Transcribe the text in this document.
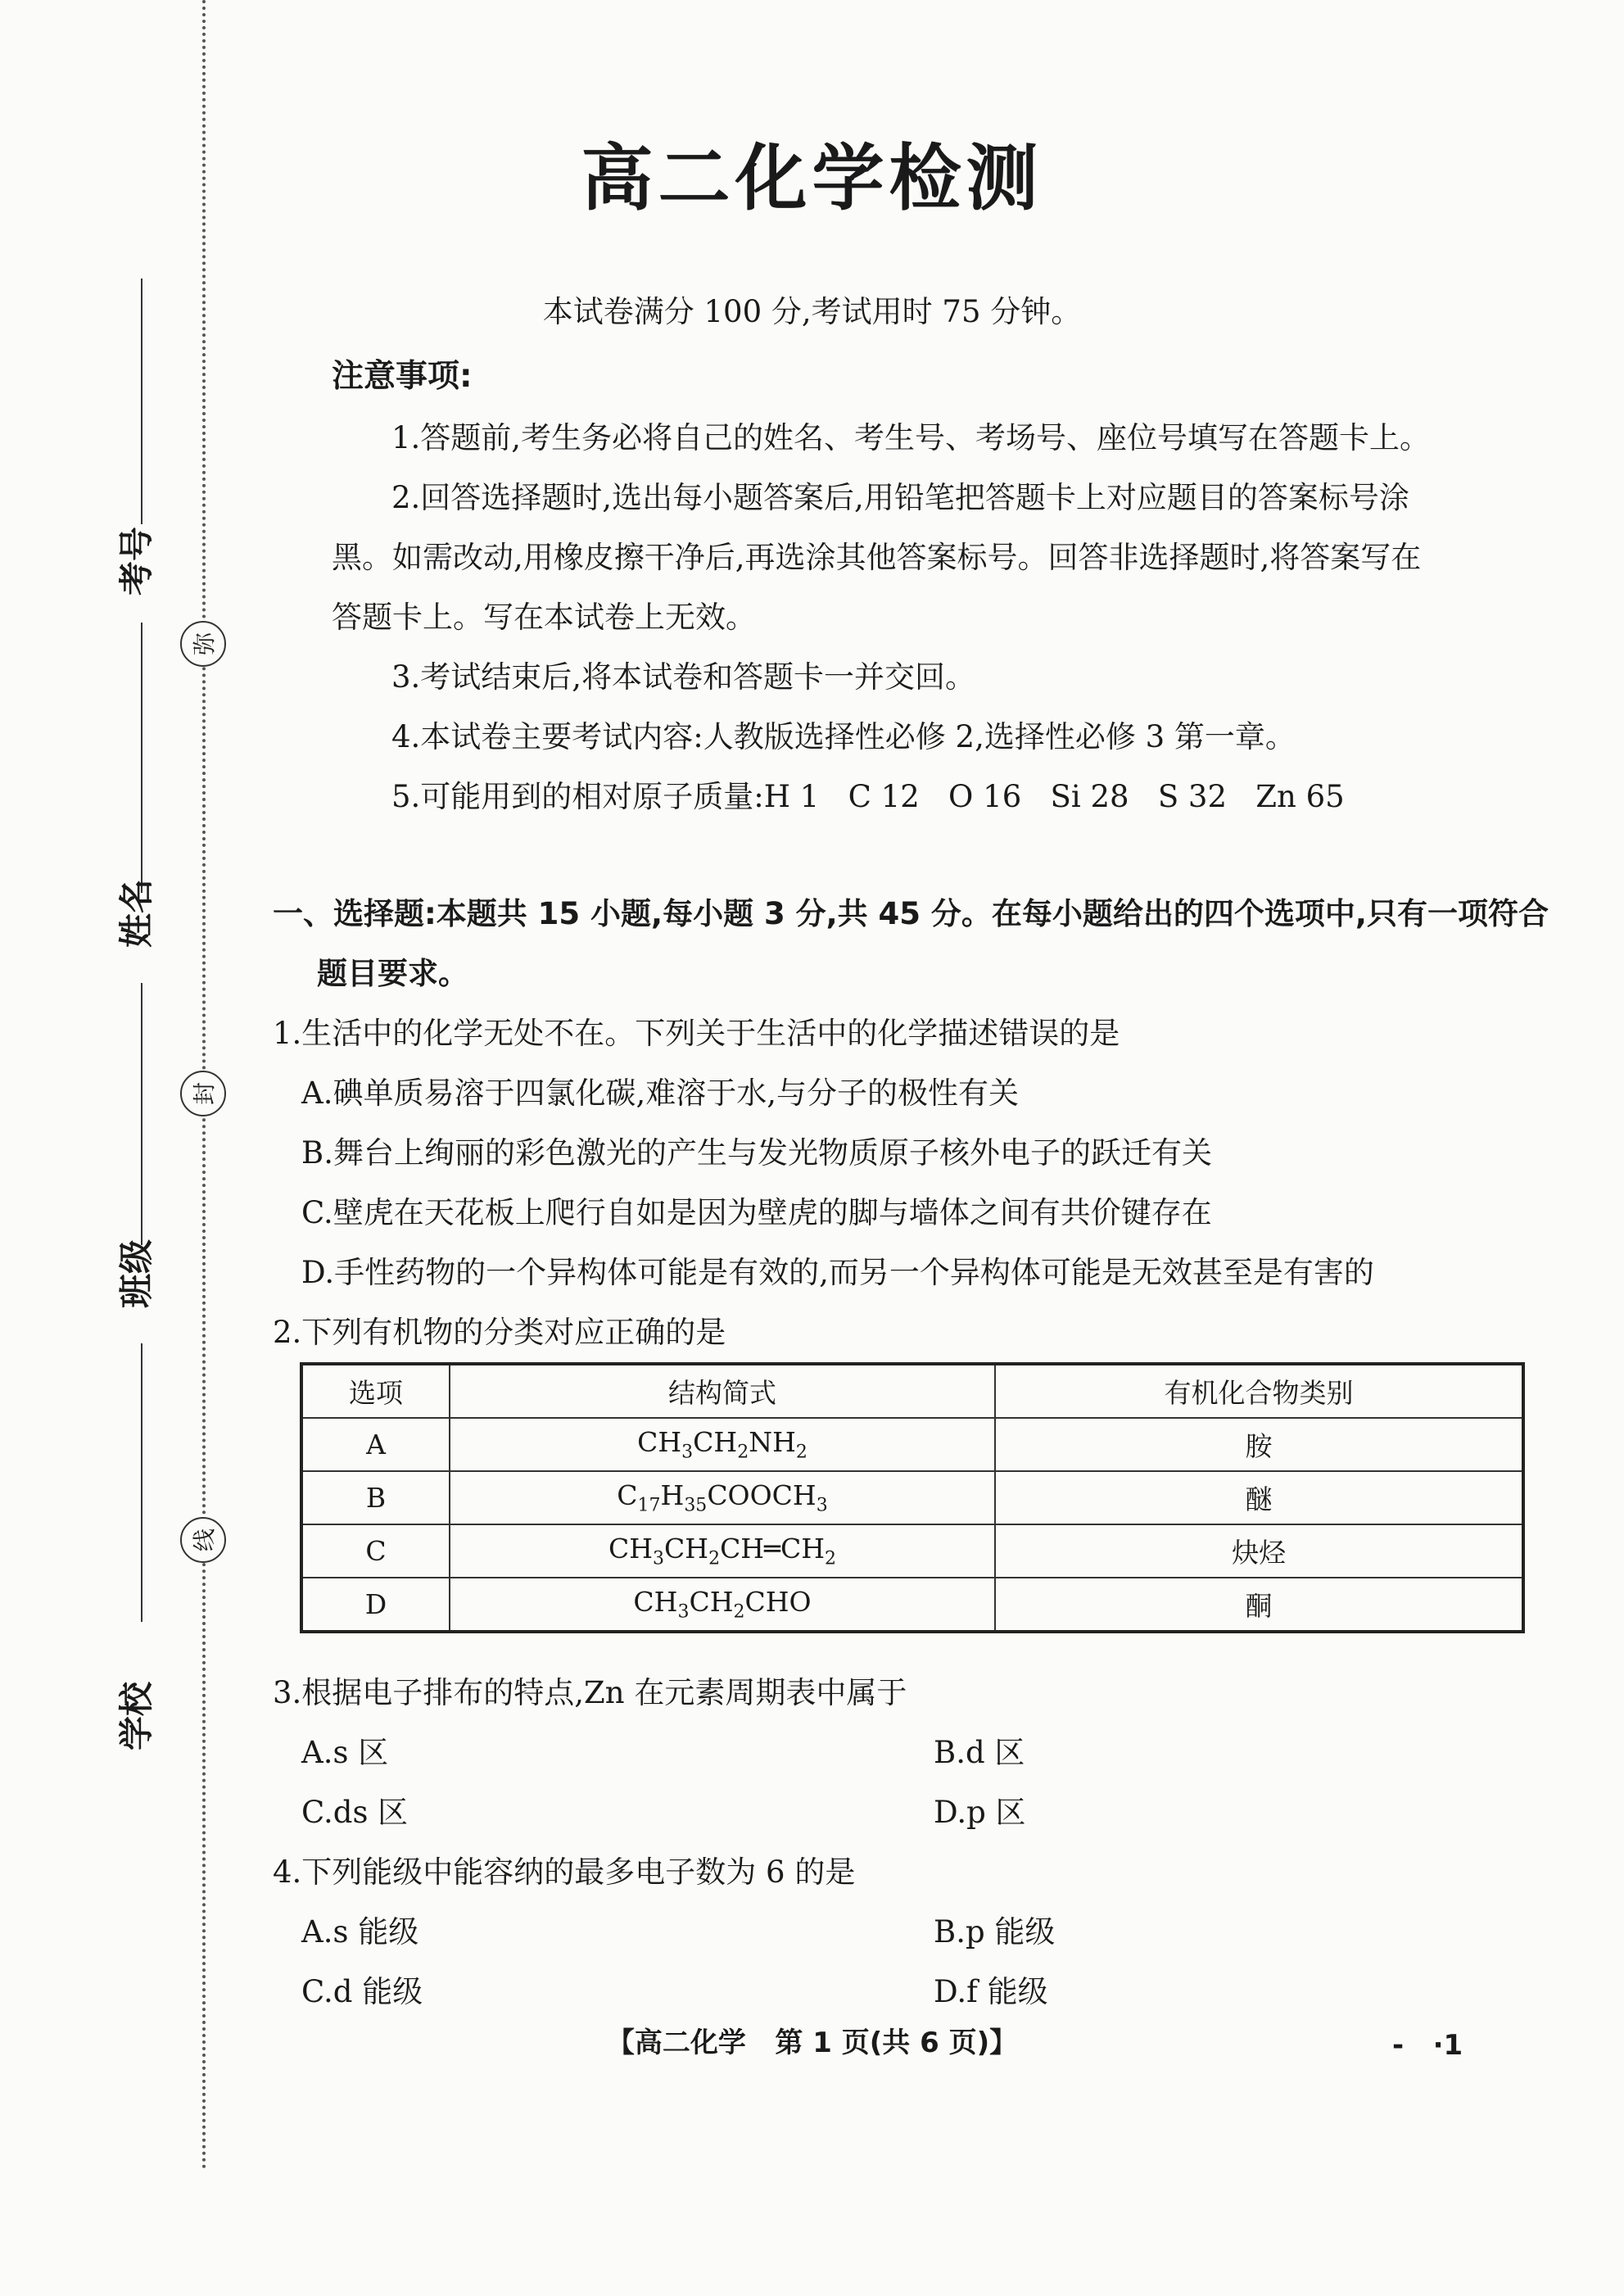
考号
姓名
班级
学校
弥
封
线
高二化学检测
本试卷满分 100 分,考试用时 75 分钟。
注意事项:
1.答题前,考生务必将自己的姓名、考生号、考场号、座位号填写在答题卡上。
2.回答选择题时,选出每小题答案后,用铅笔把答题卡上对应题目的答案标号涂
黑。如需改动,用橡皮擦干净后,再选涂其他答案标号。回答非选择题时,将答案写在
答题卡上。写在本试卷上无效。
3.考试结束后,将本试卷和答题卡一并交回。
4.本试卷主要考试内容:人教版选择性必修 2,选择性必修 3 第一章。
5.可能用到的相对原子质量:H 1   C 12   O 16   Si 28   S 32   Zn 65
一、选择题:本题共 15 小题,每小题 3 分,共 45 分。在每小题给出的四个选项中,只有一项符合
题目要求。
1.生活中的化学无处不在。下列关于生活中的化学描述错误的是
A.碘单质易溶于四氯化碳,难溶于水,与分子的极性有关
B.舞台上绚丽的彩色激光的产生与发光物质原子核外电子的跃迁有关
C.壁虎在天花板上爬行自如是因为壁虎的脚与墙体之间有共价键存在
D.手性药物的一个异构体可能是有效的,而另一个异构体可能是无效甚至是有害的
2.下列有机物的分类对应正确的是
选项	结构简式	有机化合物类别
A	$CH_3CH_2NH_2$	胺
B	$C_{17}H_{35}COOCH_3$	醚
C	$CH_3CH_2CH═CH_2$	炔烃
D	$CH_3CH_2CHO$	酮
3.根据电子排布的特点,Zn 在元素周期表中属于
A.s 区	B.d 区
C.ds 区	D.p 区
4.下列能级中能容纳的最多电子数为 6 的是
A.s 能级	B.p 能级
C.d 能级	D.f 能级
【高二化学   第 1 页(共 6 页)】	-   ·1
